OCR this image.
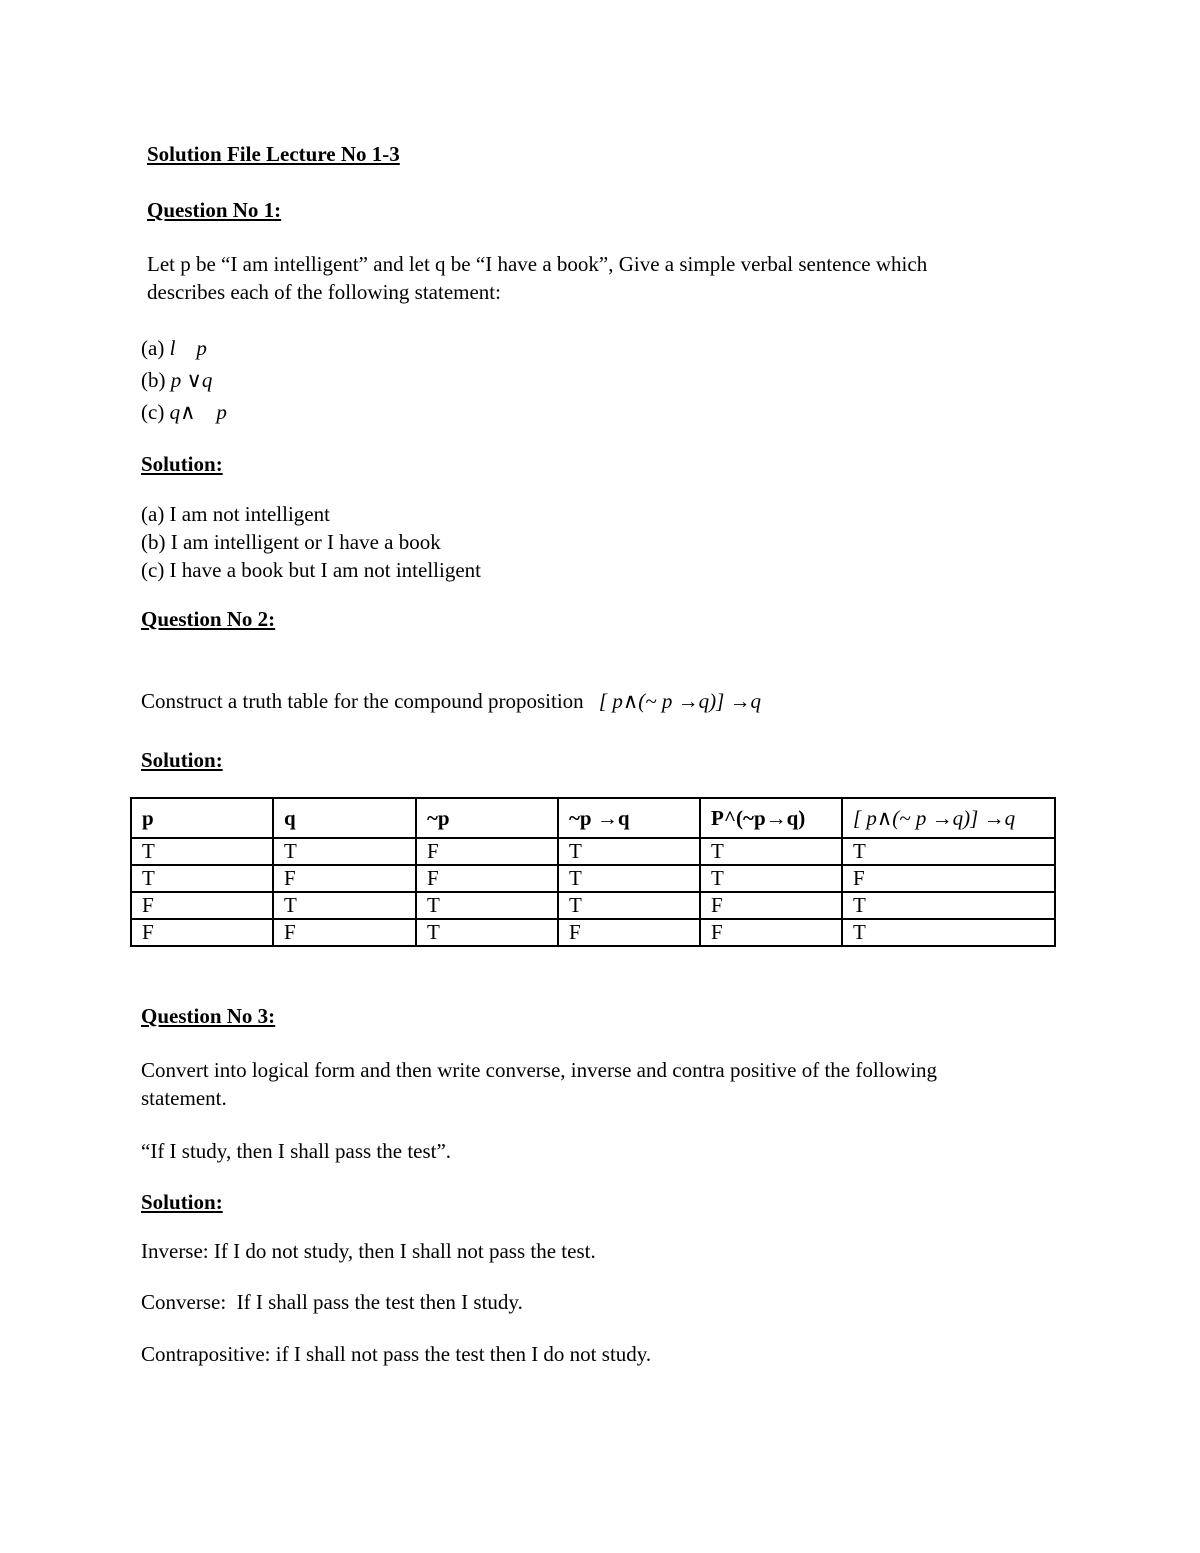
Solution File Lecture No 1-3
Question No 1:
Let p be “I am intelligent” and let q be “I have a book”, Give a simple verbal sentence which
describes each of the following statement:
(a) l    p
(b) p ∨q
(c) q∧    p
Solution:
(a) I am not intelligent
(b) I am intelligent or I have a book
(c) I have a book but I am not intelligent
Question No 2:
Construct a truth table for the compound proposition [ p∧(~ p →q)] →q
Solution:
p	q	~p	~p →q	P^(~p→q)	[ p∧(~ p →q)] →q
T	T	F	T	T	T
T	F	F	T	T	F
F	T	T	T	F	T
F	F	T	F	F	T
Question No 3:
Convert into logical form and then write converse, inverse and contra positive of the following
statement.
“If I study, then I shall pass the test”.
Solution:
Inverse: If I do not study, then I shall not pass the test.
Converse:  If I shall pass the test then I study.
Contrapositive: if I shall not pass the test then I do not study.
